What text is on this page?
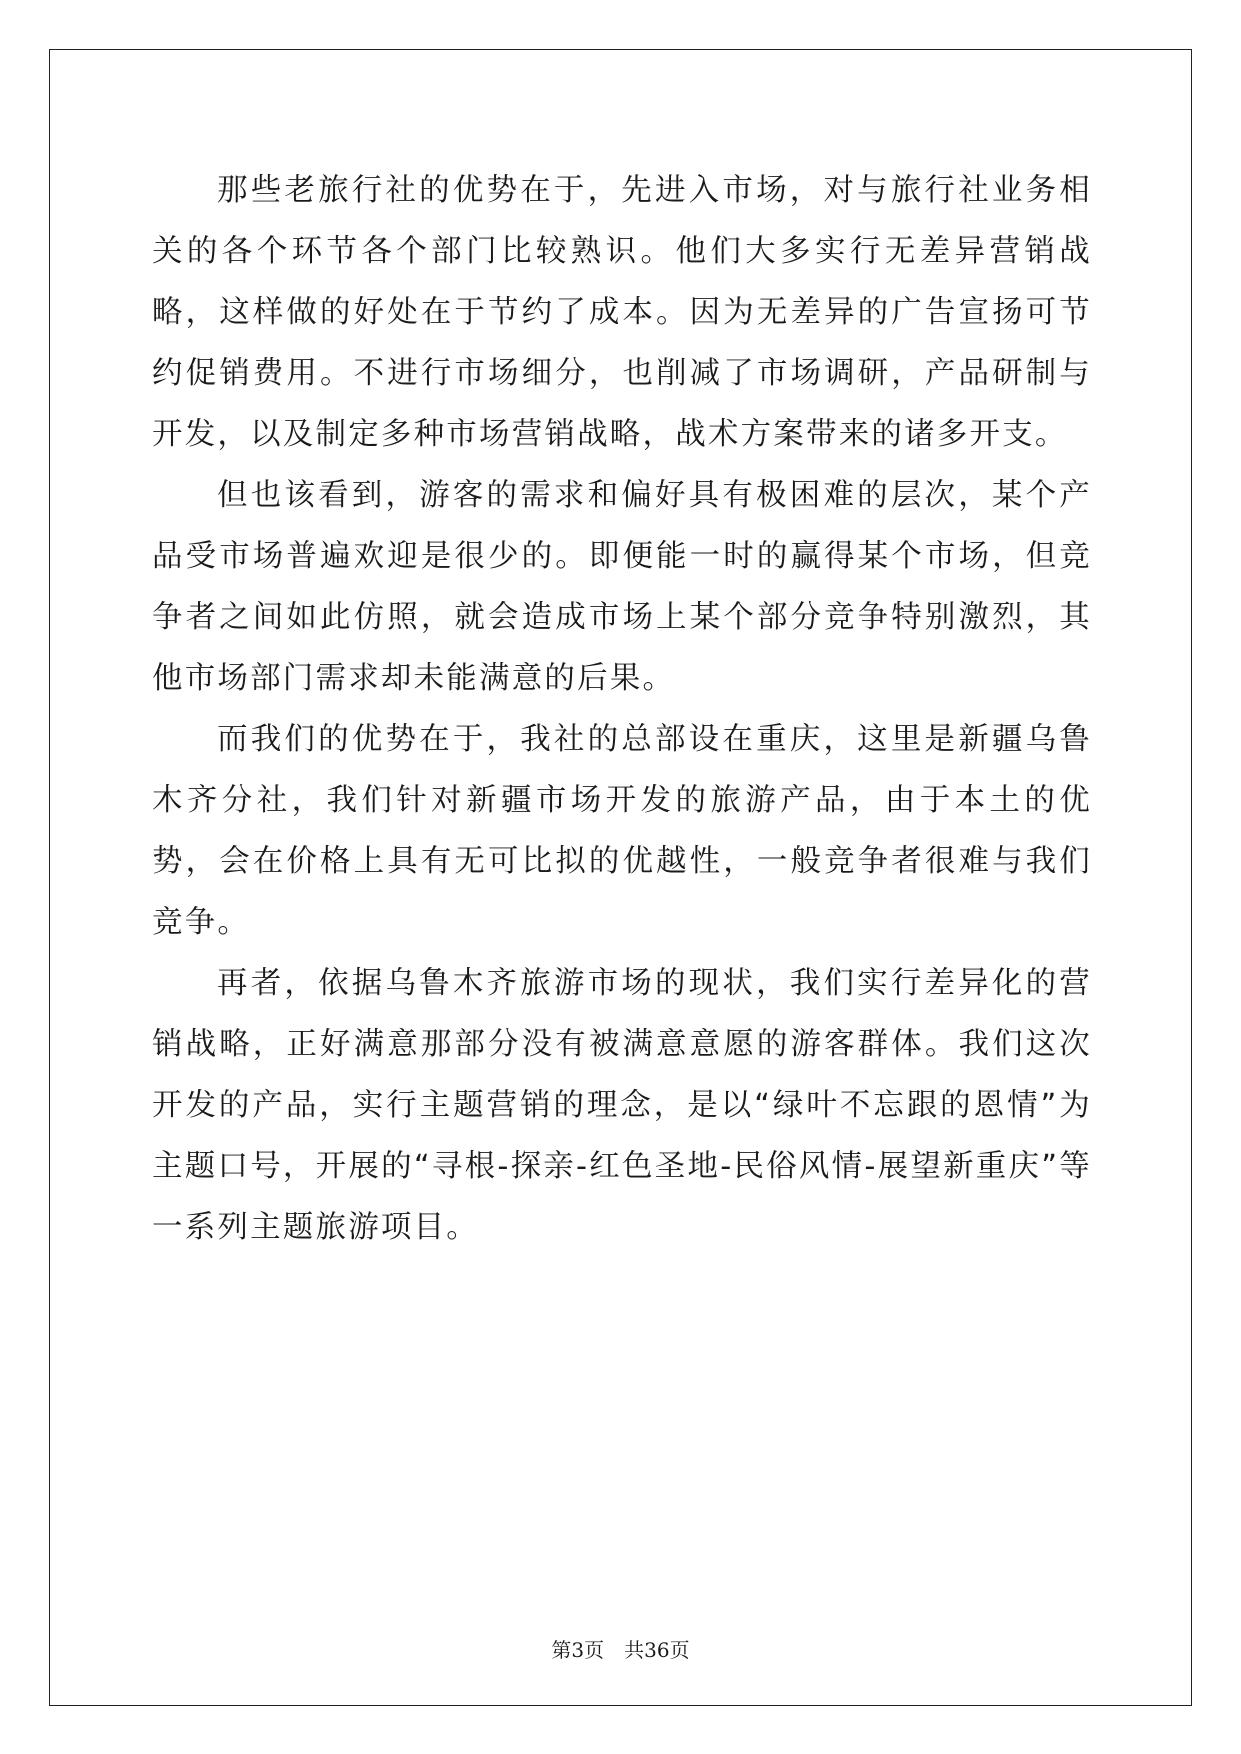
那些老旅行社的优势在于，先进入市场，对与旅行社业务相关的各个环节各个部门比较熟识。他们大多实行无差异营销战略，这样做的好处在于节约了成本。因为无差异的广告宣扬可节约促销费用。不进行市场细分，也削减了市场调研，产品研制与开发，以及制定多种市场营销战略，战术方案带来的诸多开支。

但也该看到，游客的需求和偏好具有极困难的层次，某个产品受市场普遍欢迎是很少的。即便能一时的赢得某个市场，但竞争者之间如此仿照，就会造成市场上某个部分竞争特别激烈，其他市场部门需求却未能满意的后果。

而我们的优势在于，我社的总部设在重庆，这里是新疆乌鲁木齐分社，我们针对新疆市场开发的旅游产品，由于本土的优势，会在价格上具有无可比拟的优越性，一般竞争者很难与我们竞争。

再者，依据乌鲁木齐旅游市场的现状，我们实行差异化的营销战略，正好满意那部分没有被满意意愿的游客群体。我们这次开发的产品，实行主题营销的理念，是以“绿叶不忘跟的恩情”为主题口号，开展的“寻根-探亲-红色圣地-民俗风情-展望新重庆”等一系列主题旅游项目。

第3页　共36页
